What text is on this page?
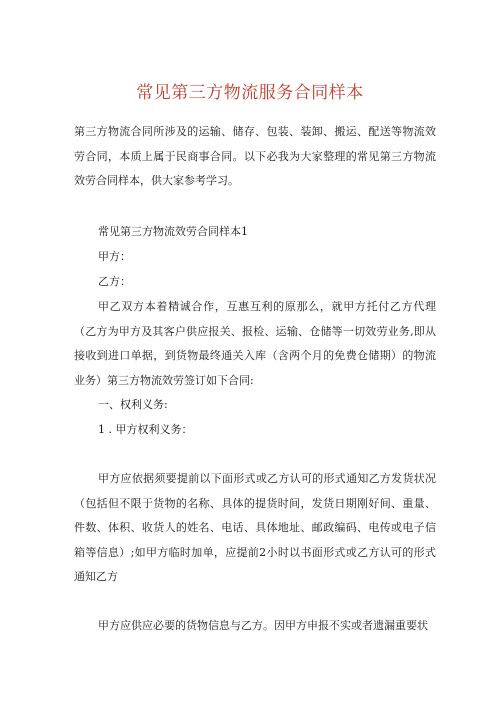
常见第三方物流服务合同样本
第三方物流合同所涉及的运输、储存、包装、装卸、搬运、配送等物流效劳合同，本质上属于民商事合同。以下必我为大家整理的常见第三方物流效劳合同样本，供大家参考学习。
常见第三方物流效劳合同样本1
甲方：
乙方：
甲乙双方本着精诚合作，互惠互利的原那么，就甲方托付乙方代理（乙方为甲方及其客户供应报关、报检、运输、仓储等一切效劳业务,即从接收到进口单据，到货物最终通关入库（含两个月的免费仓储期）的物流业务）第三方物流效劳签订如下合同:
一、权利义务:
1 . 甲方权利义务：
甲方应依据须要提前以下面形式或乙方认可的形式通知乙方发货状况（包括但不限于货物的名称、具体的提货时间，发货日期刚好间、重量、件数、体积、收货人的姓名、电话、具体地址、邮政编码、电传或电子信箱等信息）;如甲方临时加单，应提前2小时以书面形式或乙方认可的形式通知乙方
甲方应供应必要的货物信息与乙方。因甲方申报不实或者遗漏重要状
